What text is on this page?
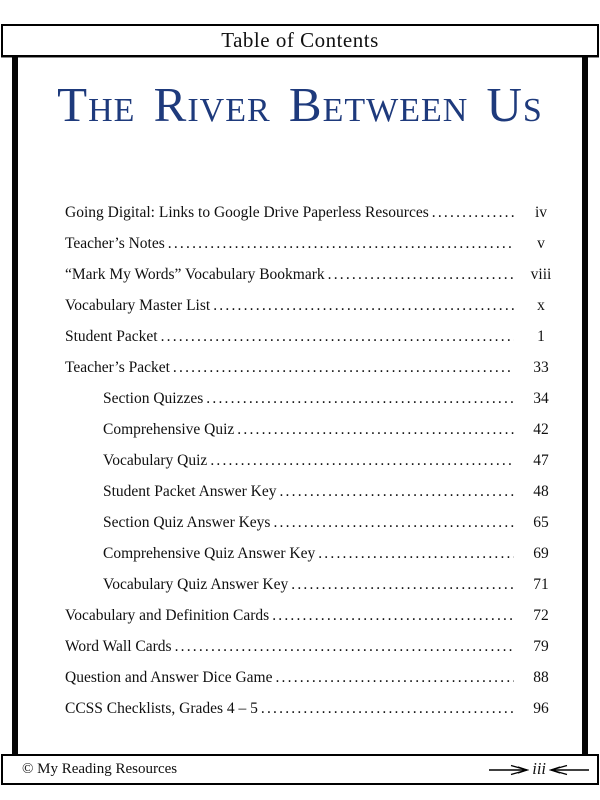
Table of Contents
The River Between Us
Going Digital: Links to Google Drive Paperless Resources .....	iv
Teacher’s Notes .....	v
“Mark My Words” Vocabulary Bookmark .....	viii
Vocabulary Master List .....	x
Student Packet .....	1
Teacher’s Packet .....	33
Section Quizzes .....	34
Comprehensive Quiz .....	42
Vocabulary Quiz .....	47
Student Packet Answer Key .....	48
Section Quiz Answer Keys .....	65
Comprehensive Quiz Answer Key .....	69
Vocabulary Quiz Answer Key .....	71
Vocabulary and Definition Cards .....	72
Word Wall Cards .....	79
Question and Answer Dice Game .....	88
CCSS Checklists, Grades 4 – 5 .....	96
© My Reading Resources	iii
